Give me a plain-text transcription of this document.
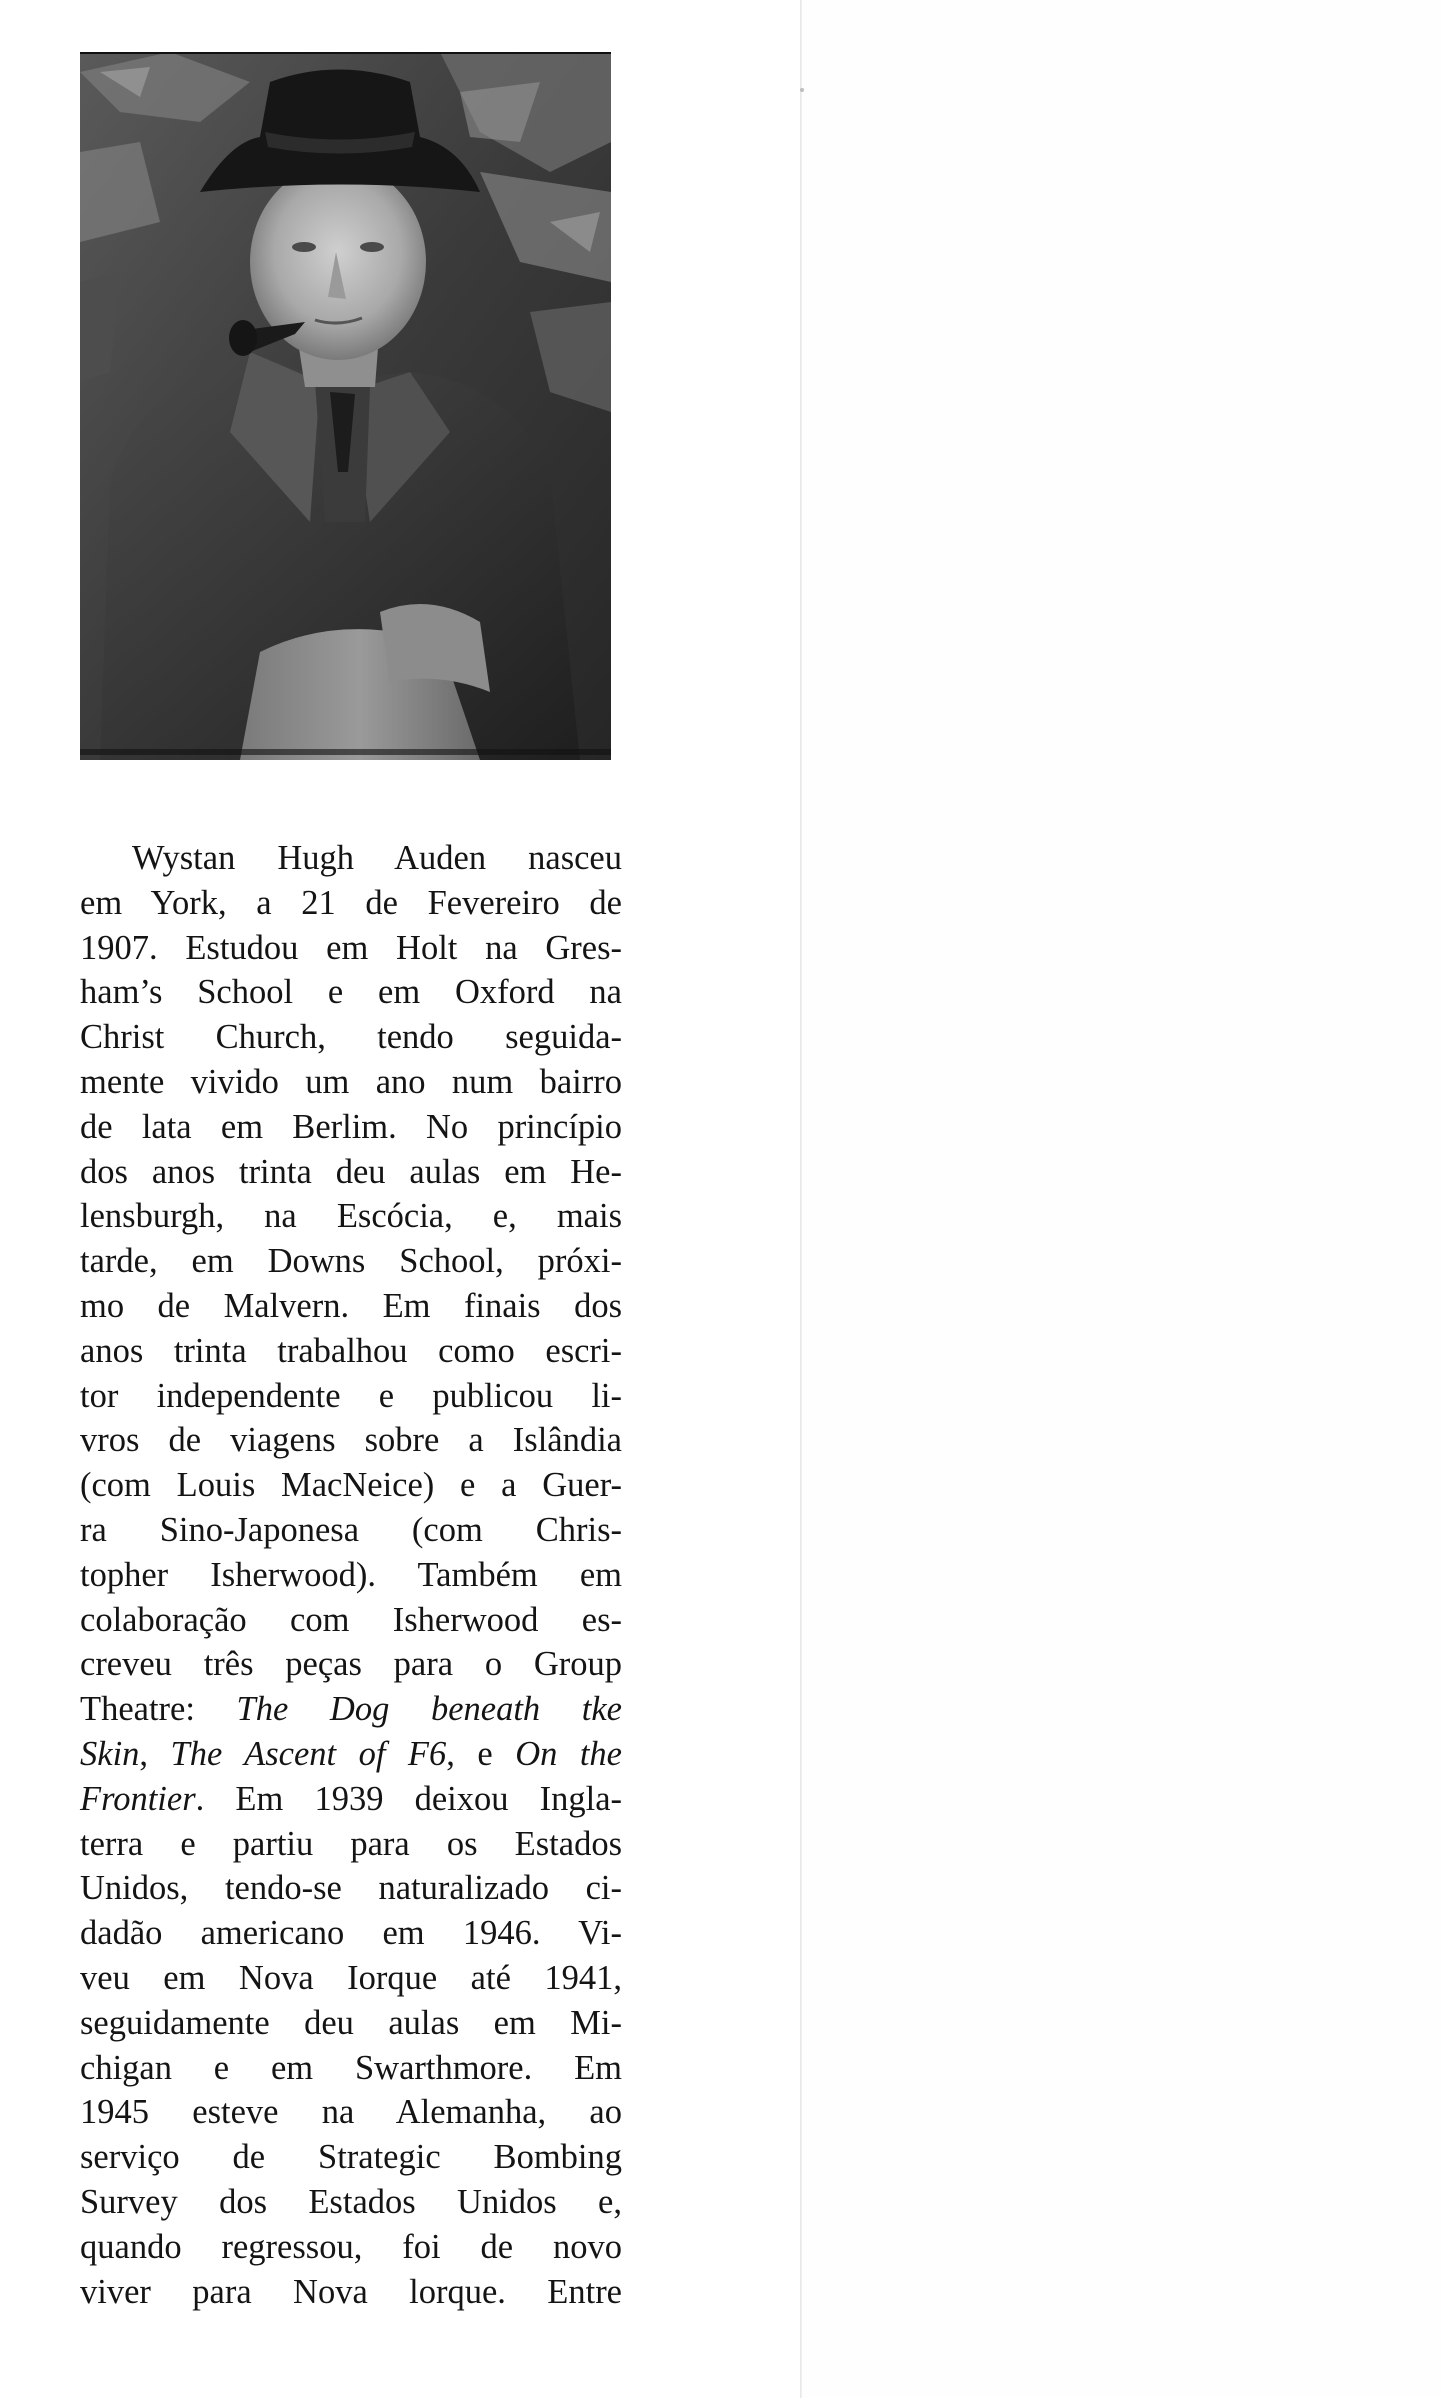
Wystan Hugh Auden nasceu
em York, a 21 de Fevereiro de
1907. Estudou em Holt na Gres-
ham’s School e em Oxford na
Christ Church, tendo seguida-
mente vivido um ano num bairro
de lata em Berlim. No princípio
dos anos trinta deu aulas em He-
lensburgh, na Escócia, e, mais
tarde, em Downs School, próxi-
mo de Malvern. Em finais dos
anos trinta trabalhou como escri-
tor independente e publicou li-
vros de viagens sobre a Islândia
(com Louis MacNeice) e a Guer-
ra Sino-Japonesa (com Chris-
topher Isherwood). Também em
colaboração com Isherwood es-
creveu três peças para o Group
Theatre: The Dog beneath tke
Skin, The Ascent of F6, e On the
Frontier. Em 1939 deixou Ingla-
terra e partiu para os Estados
Unidos, tendo-se naturalizado ci-
dadão americano em 1946. Vi-
veu em Nova Iorque até 1941,
seguidamente deu aulas em Mi-
chigan e em Swarthmore. Em
1945 esteve na Alemanha, ao
serviço de Strategic Bombing
Survey dos Estados Unidos e,
quando regressou, foi de novo
viver para Nova lorque. Entre
